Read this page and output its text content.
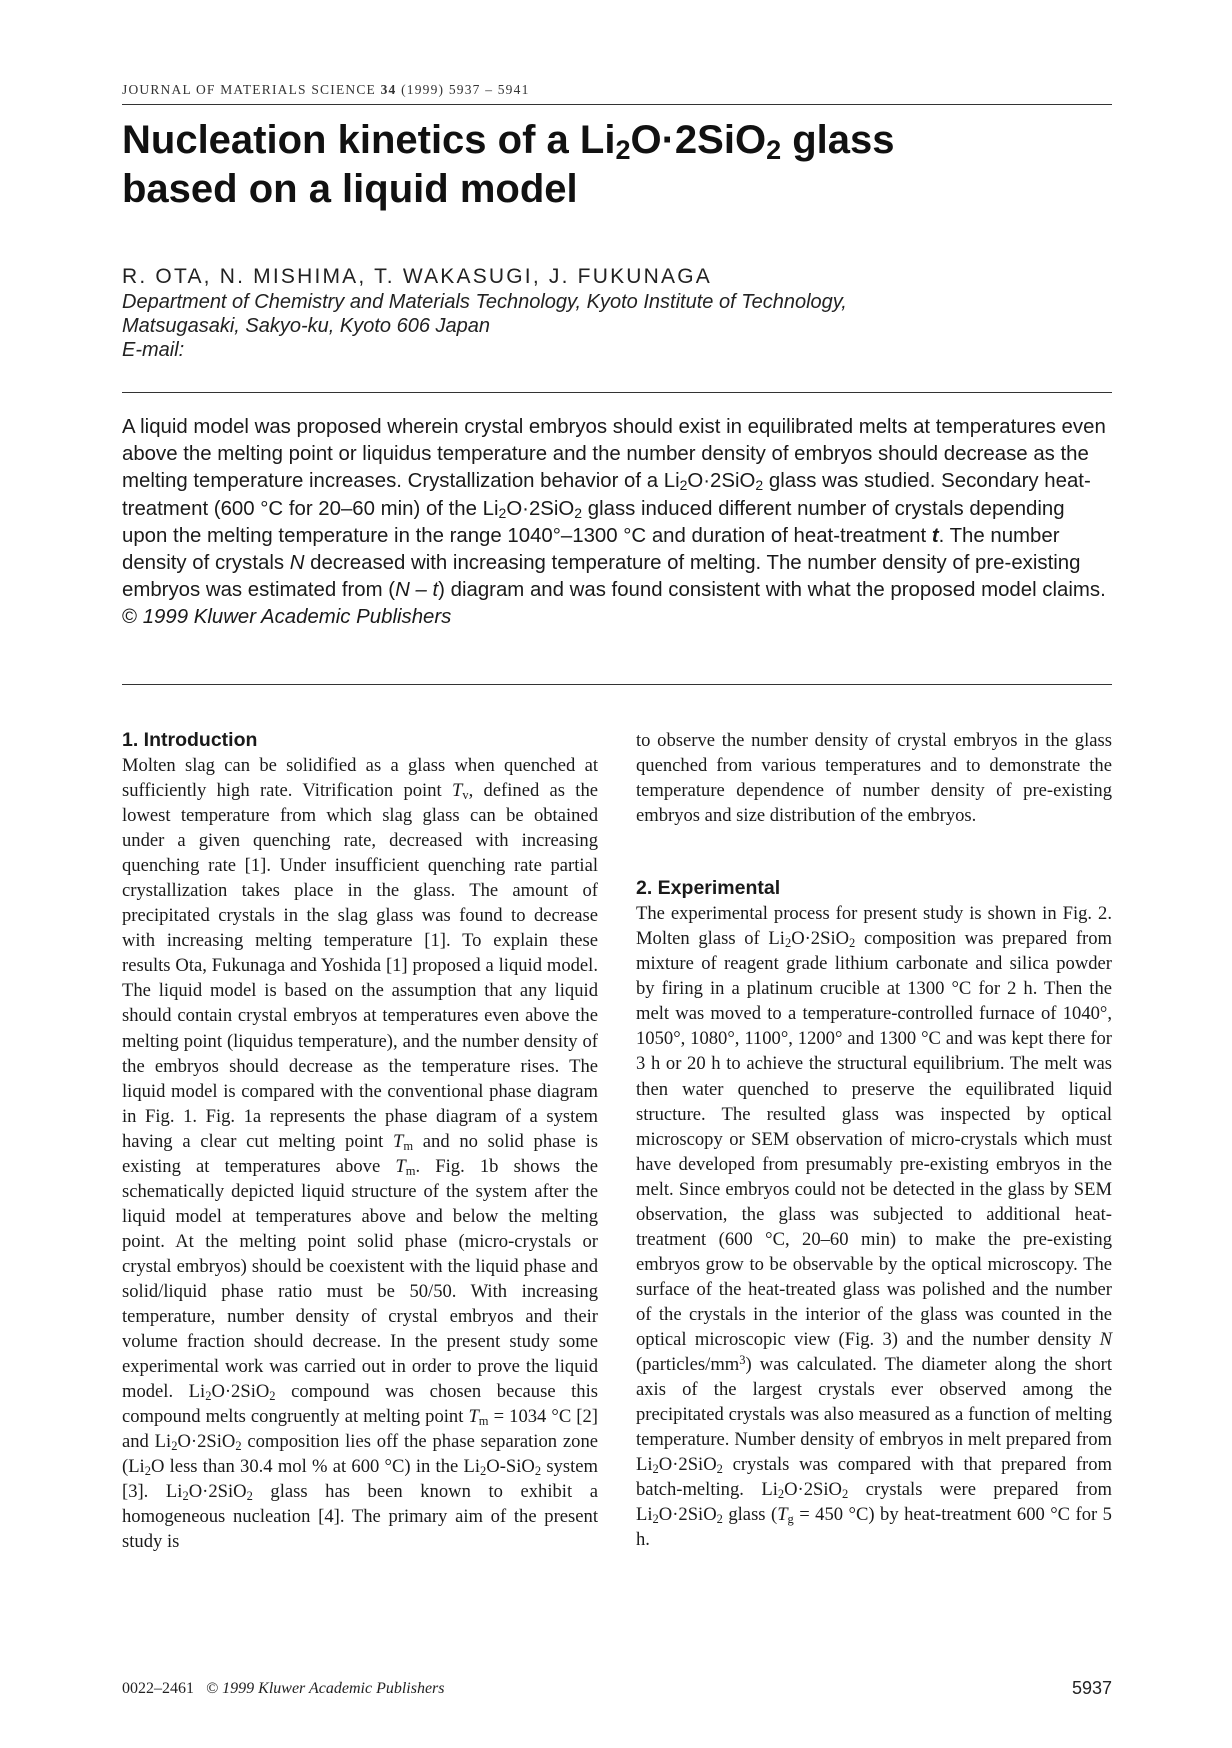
JOURNAL OF MATERIALS SCIENCE 34 (1999) 5937 – 5941
Nucleation kinetics of a $Li_2O\cdot 2SiO_2$ glass
based on a liquid model
R. OTA, N. MISHIMA, T. WAKASUGI, J. FUKUNAGA
Department of Chemistry and Materials Technology, Kyoto Institute of Technology,
Matsugasaki, Sakyo-ku, Kyoto 606 Japan
E-mail:
A liquid model was proposed wherein crystal embryos should exist in equilibrated melts at temperatures even above the melting point or liquidus temperature and the number density of embryos should decrease as the melting temperature increases. Crystallization behavior of a $Li_2O\cdot 2SiO_2$ glass was studied. Secondary heat-treatment (600 °C for 20–60 min) of the $Li_2O\cdot 2SiO_2$ glass induced different number of crystals depending upon the melting temperature in the range 1040°–1300 °C and duration of heat-treatment t. The number density of crystals N decreased with increasing temperature of melting. The number density of pre-existing embryos was estimated from (N – t) diagram and was found consistent with what the proposed model claims. © 1999 Kluwer Academic Publishers

1. Introduction

Molten slag can be solidified as a glass when quenched at sufficiently high rate. Vitrification point $T_v$, defined as the lowest temperature from which slag glass can be obtained under a given quenching rate, decreased with increasing quenching rate [1]. Under insufficient quenching rate partial crystallization takes place in the glass. The amount of precipitated crystals in the slag glass was found to decrease with increasing melting temperature [1]. To explain these results Ota, Fukunaga and Yoshida [1] proposed a liquid model. The liquid model is based on the assumption that any liquid should contain crystal embryos at temperatures even above the melting point (liquidus temperature), and the number density of the embryos should decrease as the temperature rises. The liquid model is compared with the conventional phase diagram in Fig. 1. Fig. 1a represents the phase diagram of a system having a clear cut melting point $T_m$ and no solid phase is existing at temperatures above $T_m$. Fig. 1b shows the schematically depicted liquid structure of the system after the liquid model at temperatures above and below the melting point. At the melting point solid phase (micro-crystals or crystal embryos) should be coexistent with the liquid phase and solid/liquid phase ratio must be 50/50. With increasing temperature, number density of crystal embryos and their volume fraction should decrease. In the present study some experimental work was carried out in order to prove the liquid model. $Li_2O\cdot 2SiO_2$ compound was chosen because this compound melts congruently at melting point $T_m = 1034$ °C [2] and $Li_2O\cdot 2SiO_2$ composition lies off the phase separation zone ($Li_2O$ less than 30.4 mol % at 600 °C) in the $Li_2O-SiO_2$ system [3]. $Li_2O\cdot 2SiO_2$ glass has been known to exhibit a homogeneous nucleation [4]. The primary aim of the present study is

to observe the number density of crystal embryos in the glass quenched from various temperatures and to demonstrate the temperature dependence of number density of pre-existing embryos and size distribution of the embryos.

2. Experimental

The experimental process for present study is shown in Fig. 2. Molten glass of $Li_2O\cdot 2SiO_2$ composition was prepared from mixture of reagent grade lithium carbonate and silica powder by firing in a platinum crucible at 1300 °C for 2 h. Then the melt was moved to a temperature-controlled furnace of 1040°, 1050°, 1080°, 1100°, 1200° and 1300 °C and was kept there for 3 h or 20 h to achieve the structural equilibrium. The melt was then water quenched to preserve the equilibrated liquid structure. The resulted glass was inspected by optical microscopy or SEM observation of micro-crystals which must have developed from presumably pre-existing embryos in the melt. Since embryos could not be detected in the glass by SEM observation, the glass was subjected to additional heat-treatment (600 °C, 20–60 min) to make the pre-existing embryos grow to be observable by the optical microscopy. The surface of the heat-treated glass was polished and the number of the crystals in the interior of the glass was counted in the optical microscopic view (Fig. 3) and the number density N $(particles/mm^3)$ was calculated. The diameter along the short axis of the largest crystals ever observed among the precipitated crystals was also measured as a function of melting temperature. Number density of embryos in melt prepared from $Li_2O\cdot 2SiO_2$ crystals was compared with that prepared from batch-melting. $Li_2O\cdot 2SiO_2$ crystals were prepared from $Li_2O\cdot 2SiO_2$ glass ($T_g = 450$ °C) by heat-treatment 600 °C for 5 h.

0022–2461 © 1999 Kluwer Academic Publishers	5937
